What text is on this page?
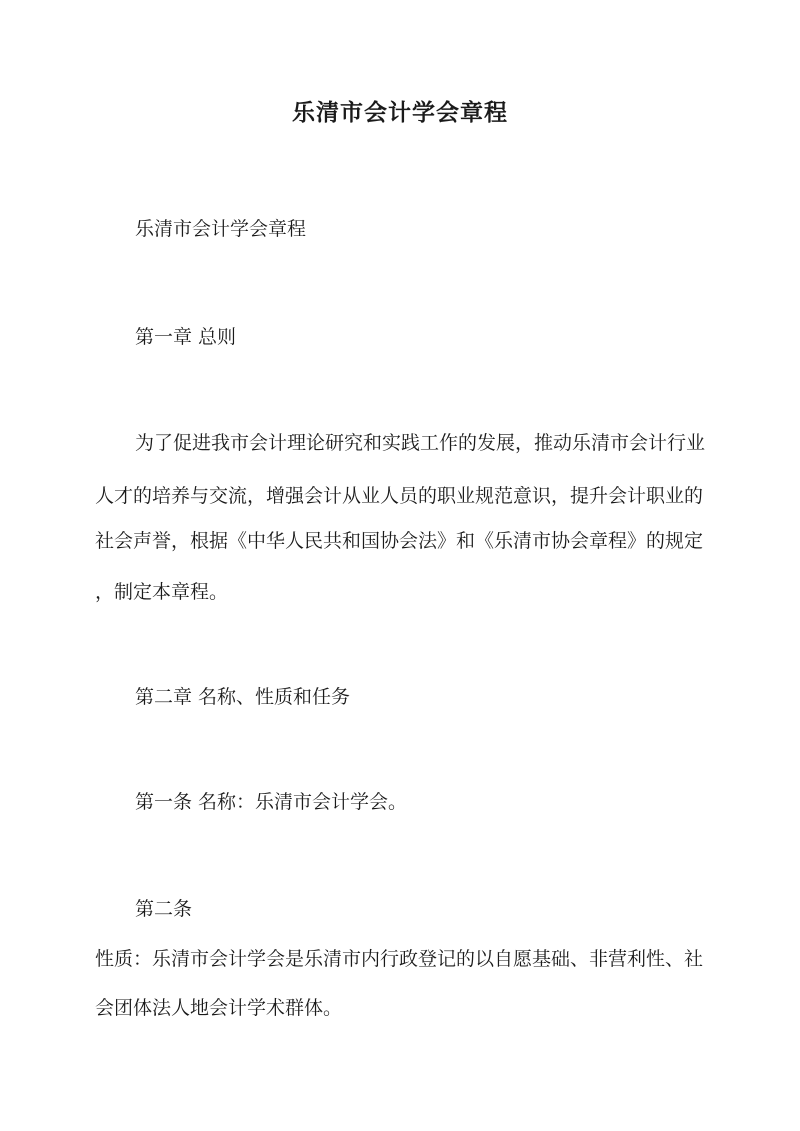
乐清市会计学会章程
乐清市会计学会章程
第一章 总则
为了促进我市会计理论研究和实践工作的发展，推动乐清市会计行业
人才的培养与交流，增强会计从业人员的职业规范意识，提升会计职业的
社会声誉，根据《中华人民共和国协会法》和《乐清市协会章程》的规定
，制定本章程。
第二章 名称、性质和任务
第一条 名称：乐清市会计学会。
第二条
性质：乐清市会计学会是乐清市内行政登记的以自愿基础、非营利性、社
会团体法人地会计学术群体。
